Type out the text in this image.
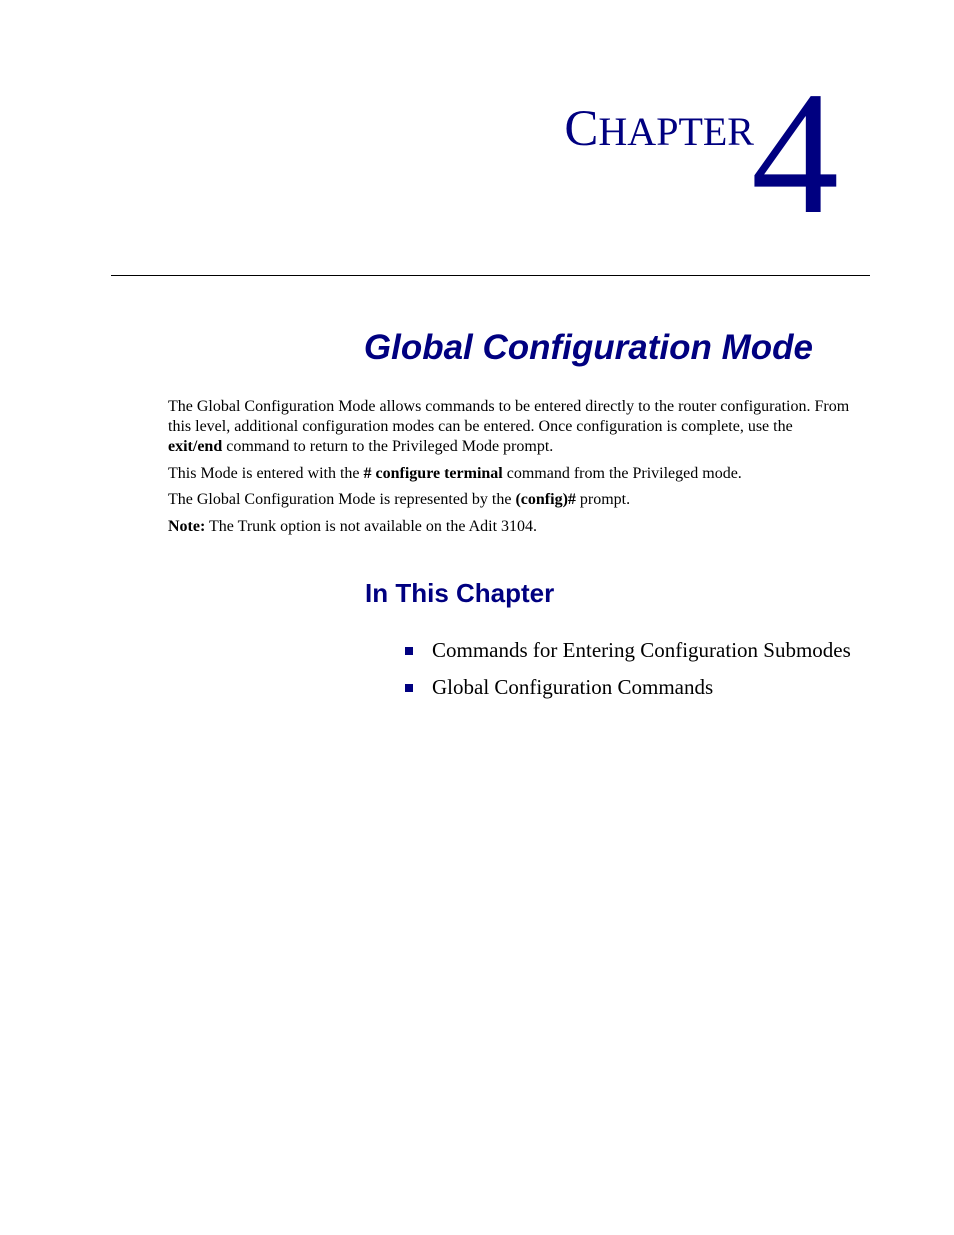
CHAPTER
4
Global Configuration Mode

The Global Configuration Mode allows commands to be entered directly to the router configuration. From this level, additional configuration modes can be entered. Once configuration is complete, use the
exit/end command to return to the Privileged Mode prompt.

This Mode is entered with the # configure terminal command from the Privileged mode.

The Global Configuration Mode is represented by the (config)# prompt.

Note: The Trunk option is not available on the Adit 3104.

In This Chapter
Commands for Entering Configuration Submodes
Global Configuration Commands
